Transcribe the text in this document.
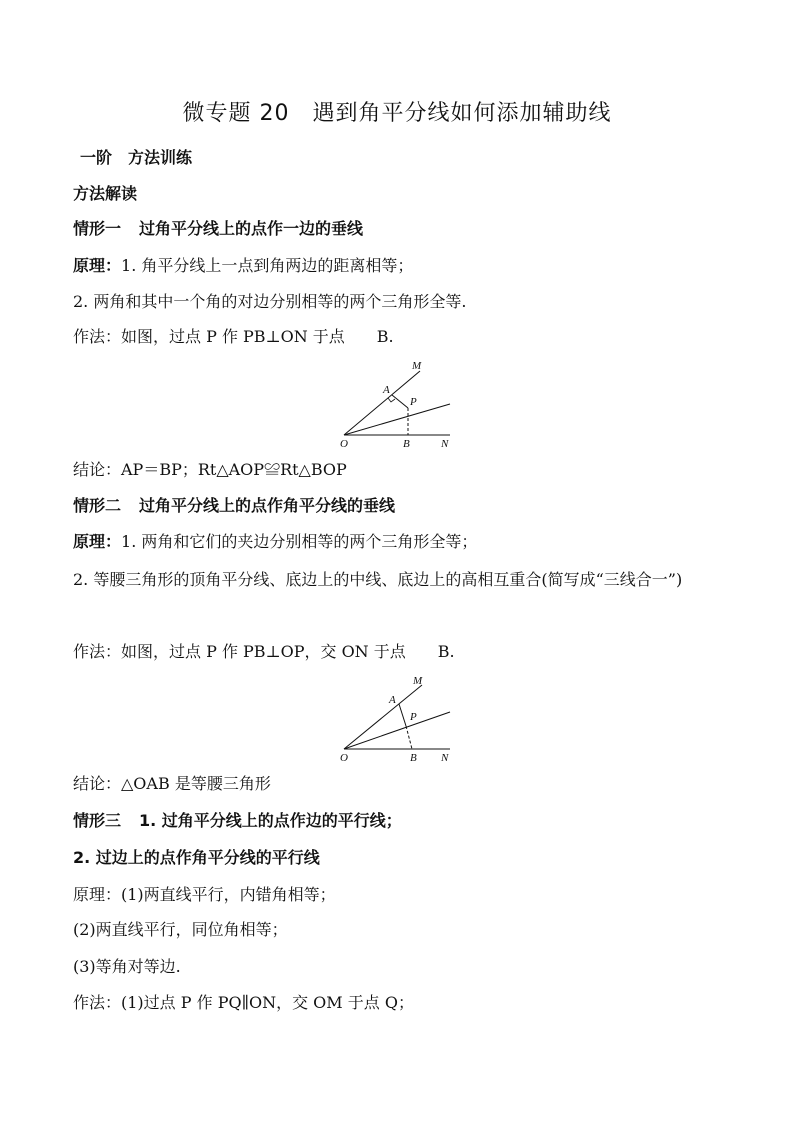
微专题 20　遇到角平分线如何添加辅助线
一阶　方法训练
方法解读
情形一 过角平分线上的点作一边的垂线
原理：1. 角平分线上一点到角两边的距离相等；
2. 两角和其中一个角的对边分别相等的两个三角形全等.
作法：如图，过点 P 作 PB⊥ON 于点　　B.
M
A
P
O	B	N
结论：AP＝BP；Rt△AOP≌Rt△BOP
情形二 过角平分线上的点作角平分线的垂线
原理：1. 两角和它们的夹边分别相等的两个三角形全等；
2. 等腰三角形的顶角平分线、底边上的中线、底边上的高相互重合(简写成“三线合一”)
作法：如图，过点 P 作 PB⊥OP，交 ON 于点　　B.
M
A
P
O	B N
结论：△OAB 是等腰三角形
情形三 1. 过角平分线上的点作边的平行线；
2. 过边上的点作角平分线的平行线
原理：(1)两直线平行，内错角相等；
(2)两直线平行，同位角相等；
(3)等角对等边.
作法：(1)过点 P 作 PQ∥ON，交 OM 于点 Q；
